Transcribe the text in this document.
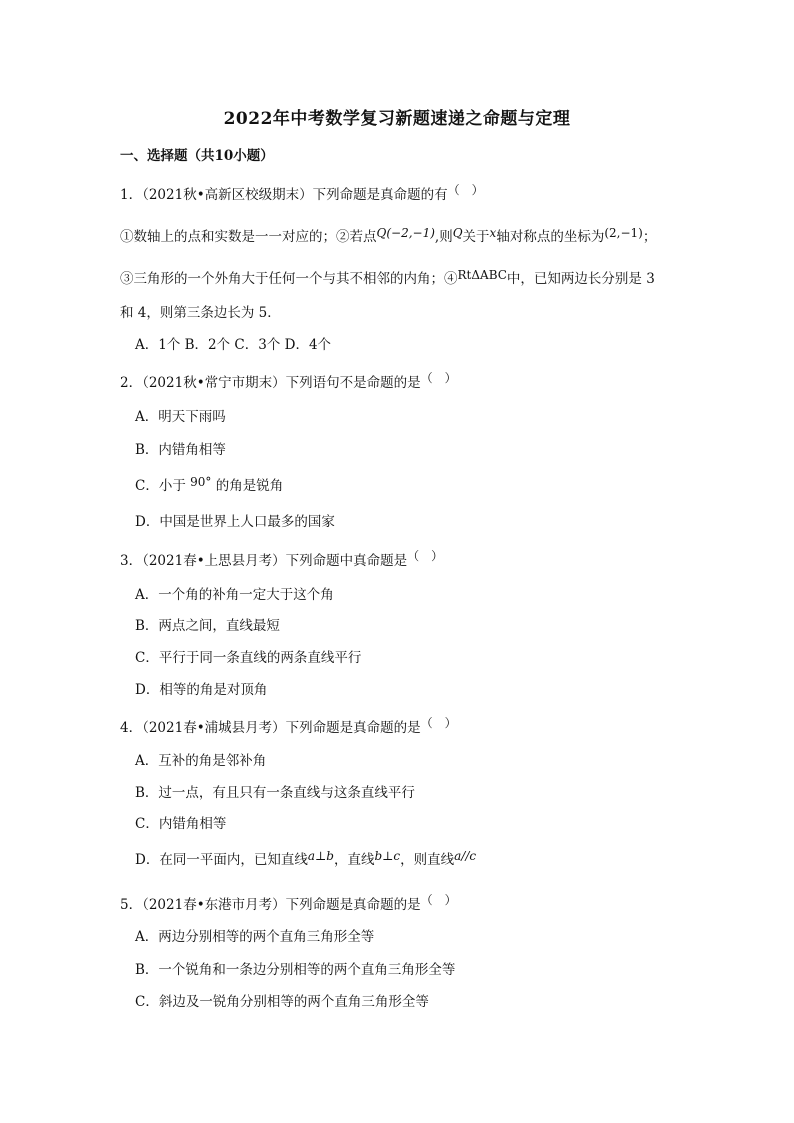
2022年中考数学复习新题速递之命题与定理
一、选择题（共10小题）
1．（2021秋•高新区校级期末）下列命题是真命题的有（　）
①数轴上的点和实数是一一对应的；②若点Q(−2,−1),则Q关于x轴对称点的坐标为(2,−1)；
③三角形的一个外角大于任何一个与其不相邻的内角；④RtΔABC中，已知两边长分别是 3
和 4，则第三条边长为 5．
A．1个 B．2个 C．3个 D．4个
2．（2021秋•常宁市期末）下列语句不是命题的是（　）
A．明天下雨吗
B．内错角相等
C．小于 90° 的角是锐角
D．中国是世界上人口最多的国家
3．（2021春•上思县月考）下列命题中真命题是（　）
A．一个角的补角一定大于这个角
B．两点之间，直线最短
C．平行于同一条直线的两条直线平行
D．相等的角是对顶角
4．（2021春•浦城县月考）下列命题是真命题的是（　）
A．互补的角是邻补角
B．过一点，有且只有一条直线与这条直线平行
C．内错角相等
D．在同一平面内，已知直线a⊥b，直线b⊥c，则直线a//c
5．（2021春•东港市月考）下列命题是真命题的是（　）
A．两边分别相等的两个直角三角形全等
B．一个锐角和一条边分别相等的两个直角三角形全等
C．斜边及一锐角分别相等的两个直角三角形全等
